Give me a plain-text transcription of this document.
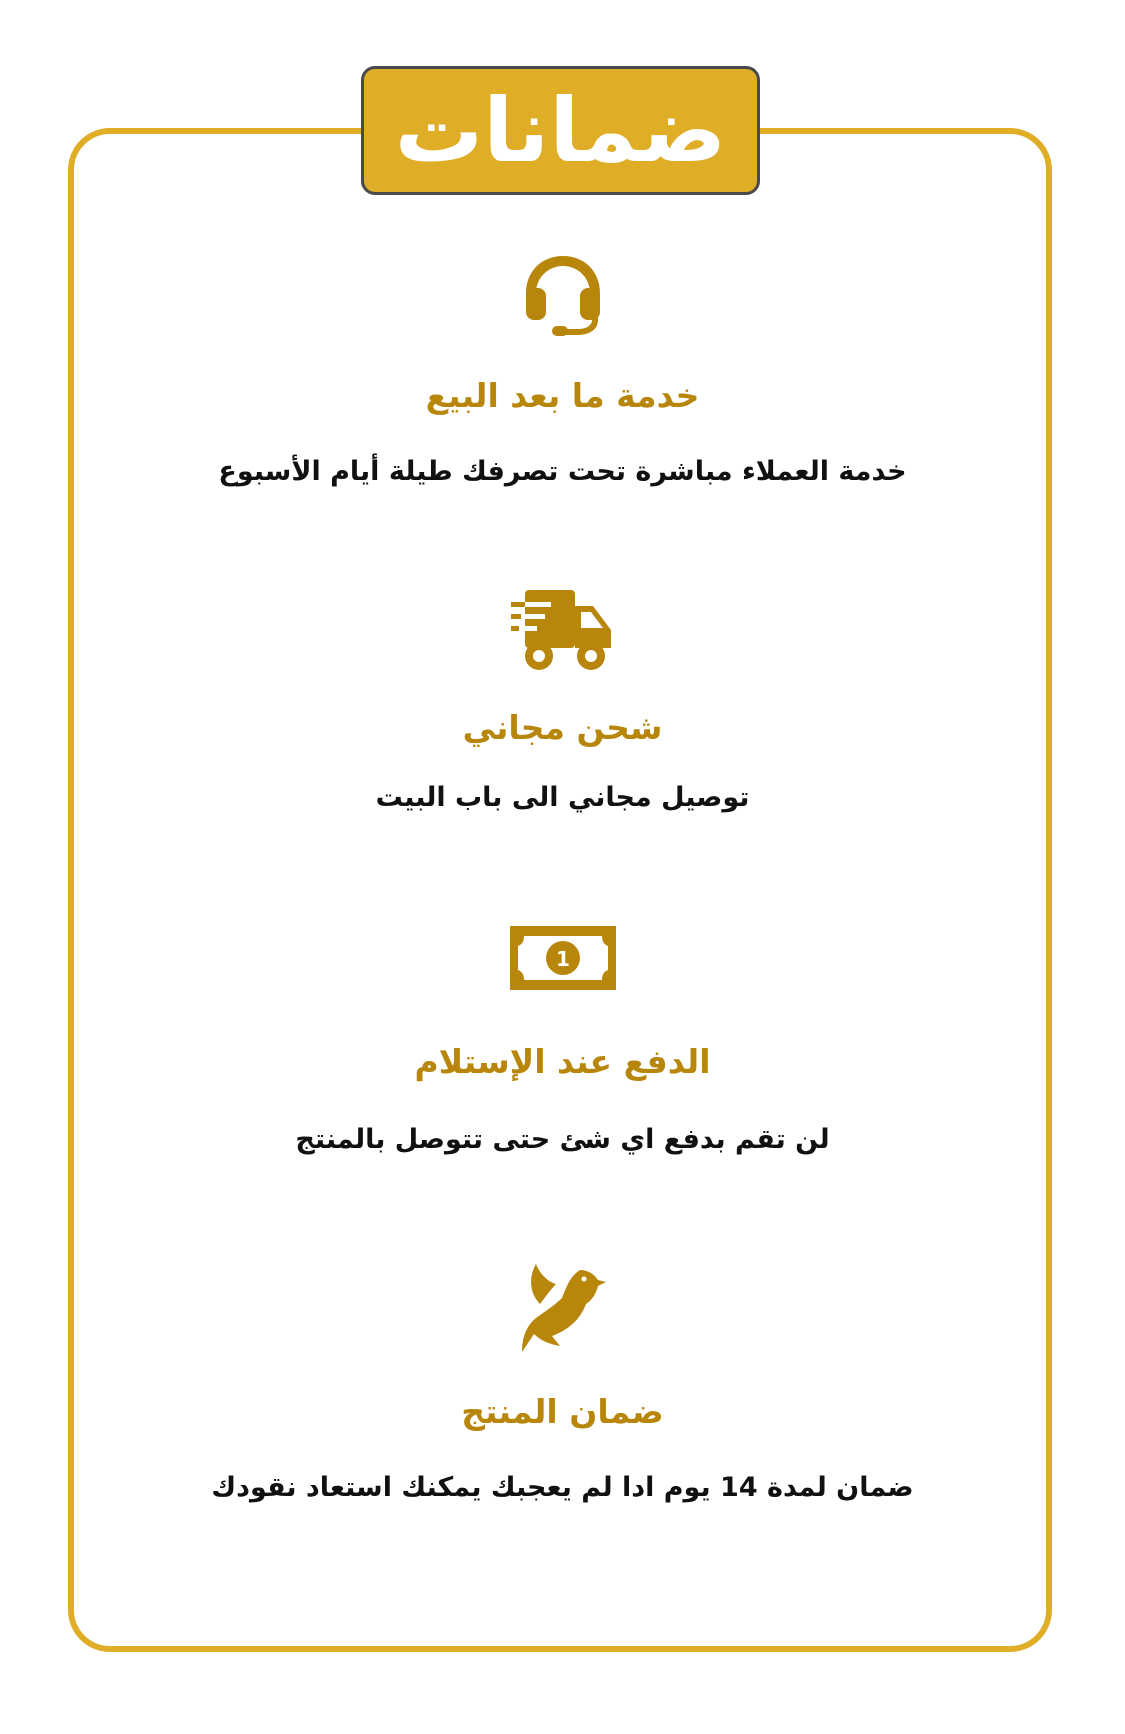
ضمانات
خدمة ما بعد البيع
خدمة العملاء مباشرة تحت تصرفك طيلة أيام الأسبوع
شحن مجاني
توصيل مجاني الى باب البيت
1
الدفع عند الإستلام
لن تقم بدفع اي شئ حتى تتوصل بالمنتج
ضمان المنتج
ضمان لمدة 14 يوم ادا لم يعجبك يمكنك استعاد نقودك
